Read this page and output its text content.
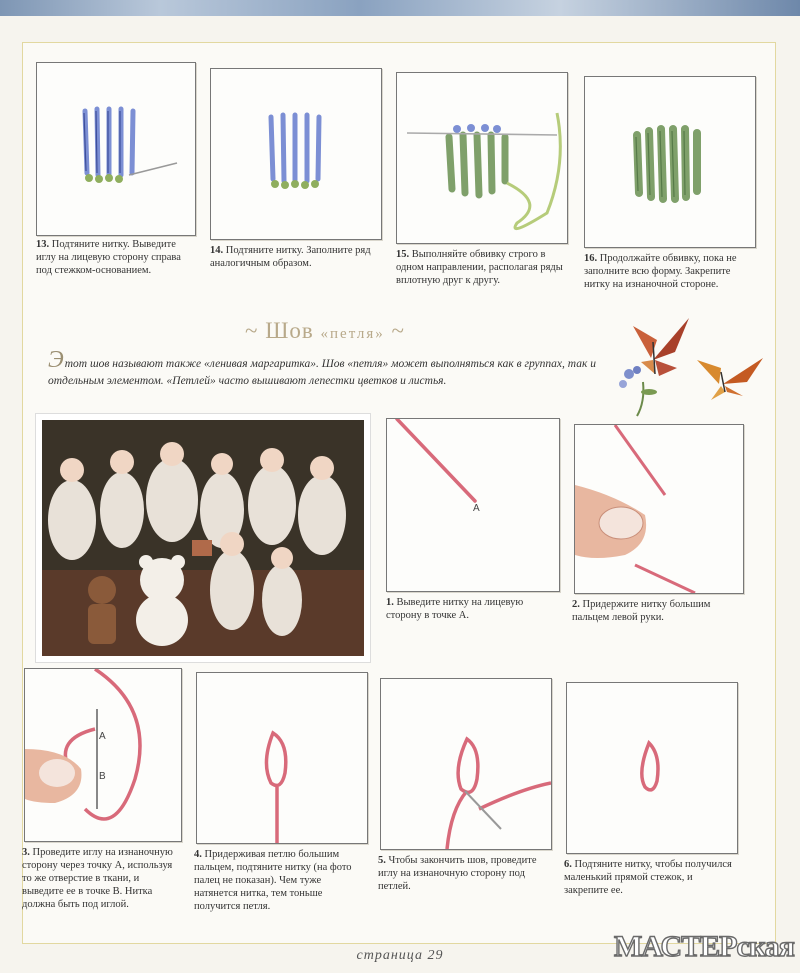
13. Подтяните нитку. Выведите иглу на лицевую сторону справа под стежком-основанием.
14. Подтяните нитку. Заполните ряд аналогичным образом.
15. Выполняйте обвивку строго в одном направлении, располагая ряды вплотную друг к другу.
16. Продолжайте обвивку, пока не заполните всю форму. Закрепите нитку на изнаночной стороне.
~ Шов «петля» ~
Этот шов называют также «ленивая маргаритка». Шов «петля» может выполняться как в группах, так и отдельным элементом. «Петлей» часто вышивают лепестки цветков и листья.
A
1. Выведите нитку на лицевую сторону в точке А.
2. Придержите нитку большим пальцем левой руки.
A
B
3. Проведите иглу на изнаночную сторону через точку А, используя то же отверстие в ткани, и выведите ее в точке В. Нитка должна быть под иглой.
4. Придерживая петлю большим пальцем, подтяните нитку (на фото палец не показан). Чем туже натянется нитка, тем тоньше получится петля.
5. Чтобы закончить шов, проведите иглу на изнаночную сторону под петлей.
6. Подтяните нитку, чтобы получился маленький прямой стежок, и закрепите ее.
страница 29	МАСТЕРская
